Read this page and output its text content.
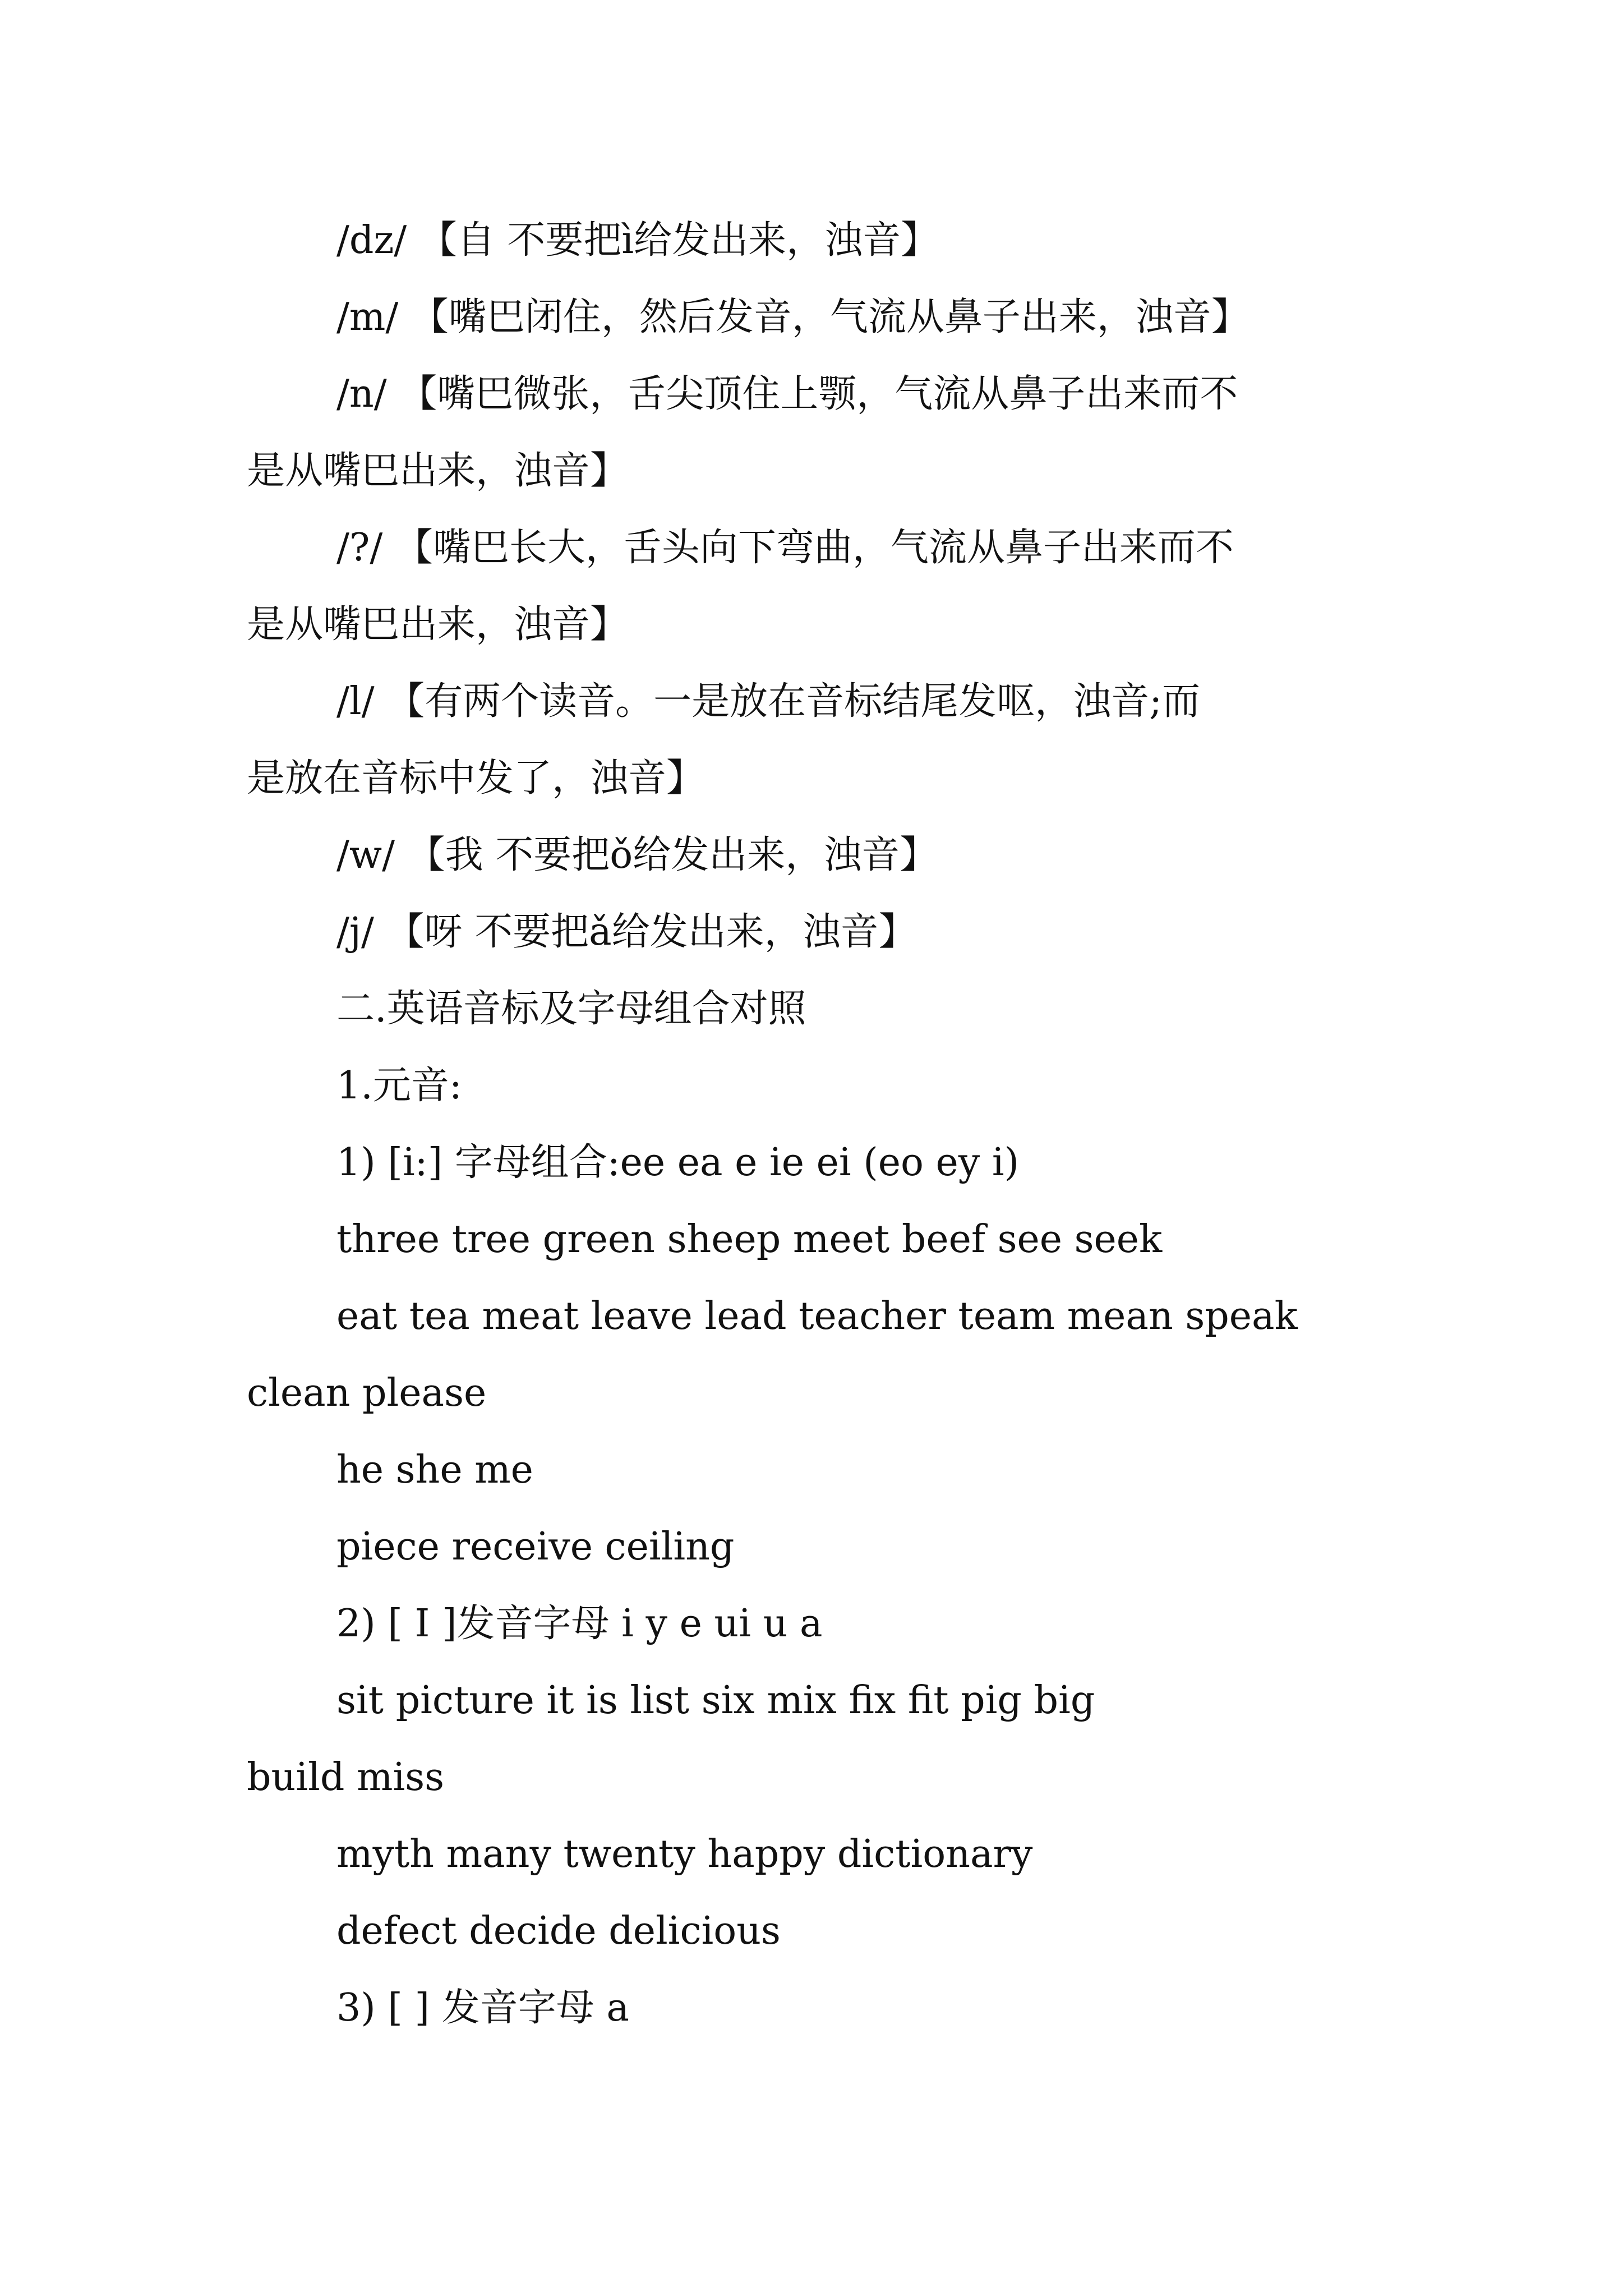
/dz/ 【自 不要把ì给发出来，浊音】
/m/ 【嘴巴闭住，然后发音，气流从鼻子出来，浊音】
/n/ 【嘴巴微张，舌尖顶住上颚，气流从鼻子出来而不
是从嘴巴出来，浊音】
/?/ 【嘴巴长大，舌头向下弯曲，气流从鼻子出来而不
是从嘴巴出来，浊音】
/l/ 【有两个读音。一是放在音标结尾发呕，浊音;而
是放在音标中发了，浊音】
/w/ 【我 不要把ǒ给发出来，浊音】
/j/ 【呀 不要把ǎ给发出来，浊音】
二.英语音标及字母组合对照
1.元音:
1) [i:] 字母组合:ee ea e ie ei (eo ey i)
three tree green sheep meet beef see seek
eat tea meat leave lead teacher team mean speak
clean please
he she me
piece receive ceiling
2) [ I ]发音字母 i y e ui u a
sit picture it is list six mix fix fit pig big
build miss
myth many twenty happy dictionary
defect decide delicious
3) [ ] 发音字母 a
